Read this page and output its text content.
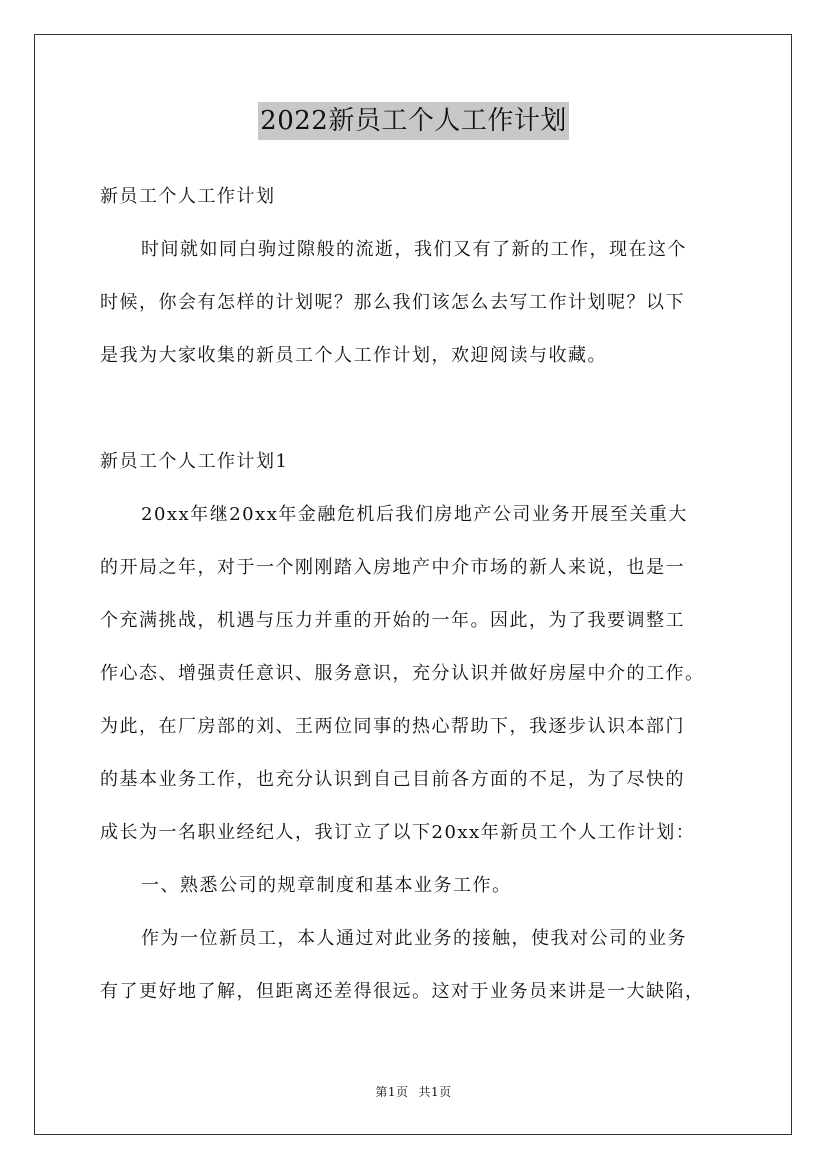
2022新员工个人工作计划
新员工个人工作计划
时间就如同白驹过隙般的流逝，我们又有了新的工作，现在这个
时候，你会有怎样的计划呢？那么我们该怎么去写工作计划呢？以下
是我为大家收集的新员工个人工作计划，欢迎阅读与收藏。
新员工个人工作计划1
20xx年继20xx年金融危机后我们房地产公司业务开展至关重大
的开局之年，对于一个刚刚踏入房地产中介市场的新人来说，也是一
个充满挑战，机遇与压力并重的开始的一年。因此，为了我要调整工
作心态、增强责任意识、服务意识，充分认识并做好房屋中介的工作。
为此，在厂房部的刘、王两位同事的热心帮助下，我逐步认识本部门
的基本业务工作，也充分认识到自己目前各方面的不足，为了尽快的
成长为一名职业经纪人，我订立了以下20xx年新员工个人工作计划：
一、熟悉公司的规章制度和基本业务工作。
作为一位新员工，本人通过对此业务的接触，使我对公司的业务
有了更好地了解，但距离还差得很远。这对于业务员来讲是一大缺陷，
第1页 共1页
